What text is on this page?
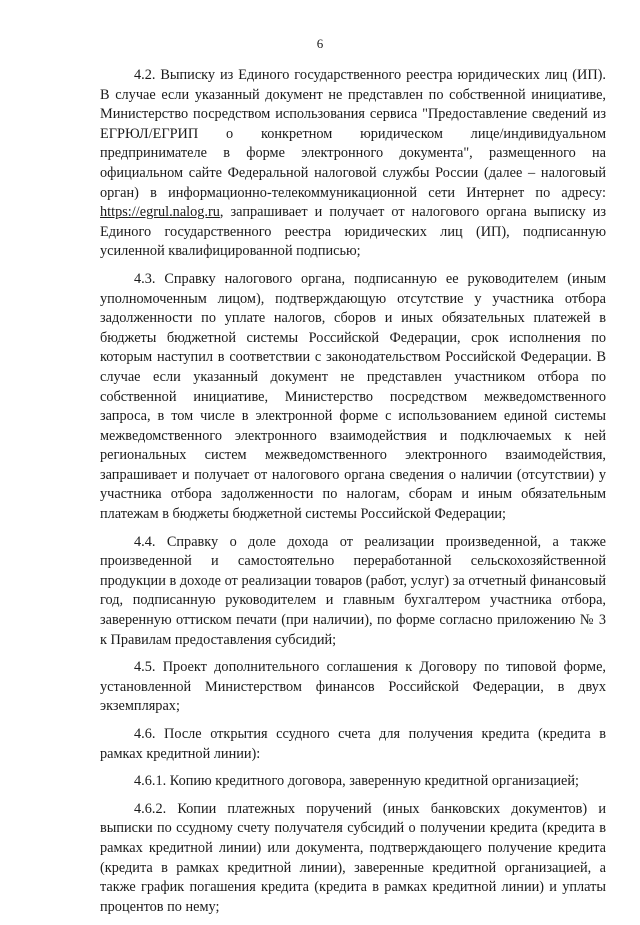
6

4.2. Выписку из Единого государственного реестра юридических лиц (ИП). В случае если указанный документ не представлен по собственной инициативе, Министерство посредством использования сервиса "Предоставление сведений из ЕГРЮЛ/ЕГРИП о конкретном юридическом лице/индивидуальном предпринимателе в форме электронного документа", размещенного на официальном сайте Федеральной налоговой службы России (далее – налоговый орган) в информационно-телекоммуникационной сети Интернет по адресу: https://egrul.nalog.ru, запрашивает и получает от налогового органа выписку из Единого государственного реестра юридических лиц (ИП), подписанную усиленной квалифицированной подписью;

4.3. Справку налогового органа, подписанную ее руководителем (иным уполномоченным лицом), подтверждающую отсутствие у участника отбора задолженности по уплате налогов, сборов и иных обязательных платежей в бюджеты бюджетной системы Российской Федерации, срок исполнения по которым наступил в соответствии с законодательством Российской Федерации. В случае если указанный документ не представлен участником отбора по собственной инициативе, Министерство посредством межведомственного запроса, в том числе в электронной форме с использованием единой системы межведомственного электронного взаимодействия и подключаемых к ней региональных систем межведомственного электронного взаимодействия, запрашивает и получает от налогового органа сведения о наличии (отсутствии) у участника отбора задолженности по налогам, сборам и иным обязательным платежам в бюджеты бюджетной системы Российской Федерации;

4.4. Справку о доле дохода от реализации произведенной, а также произведенной и самостоятельно переработанной сельскохозяйственной продукции в доходе от реализации товаров (работ, услуг) за отчетный финансовый год, подписанную руководителем и главным бухгалтером участника отбора, заверенную оттиском печати (при наличии), по форме согласно приложению № 3 к Правилам предоставления субсидий;

4.5. Проект дополнительного соглашения к Договору по типовой форме, установленной Министерством финансов Российской Федерации, в двух экземплярах;

4.6. После открытия ссудного счета для получения кредита (кредита в рамках кредитной линии):

4.6.1. Копию кредитного договора, заверенную кредитной организацией;

4.6.2. Копии платежных поручений (иных банковских документов) и выписки по ссудному счету получателя субсидий о получении кредита (кредита в рамках кредитной линии) или документа, подтверждающего получение кредита (кредита в рамках кредитной линии), заверенные кредитной организацией, а также график погашения кредита (кредита в рамках кредитной линии) и уплаты процентов по нему;
